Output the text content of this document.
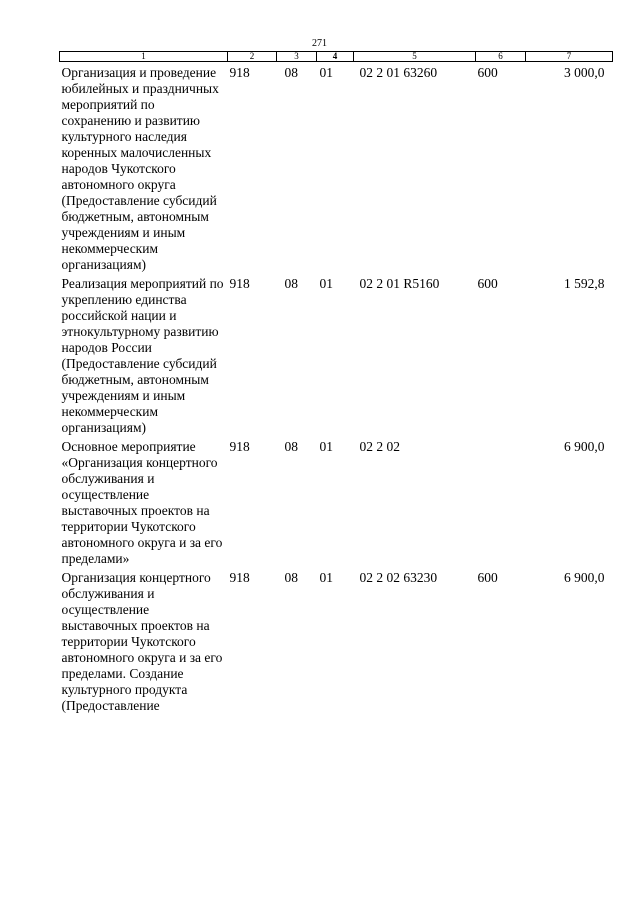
271
1	2	3	4	5	6	7
Организация и проведение юбилейных и праздничных мероприятий по сохранению и развитию культурного наследия коренных малочисленных народов Чукотского автономного округа (Предоставление субсидий бюджетным, автономным учреждениям и иным некоммерческим организациям)	918	08	01	02 2 01 63260	600	3 000,0
Реализация мероприятий по укреплению единства российской нации и этнокультурному развитию народов России (Предоставление субсидий бюджетным, автономным учреждениям и иным некоммерческим организациям)	918	08	01	02 2 01 R5160	600	1 592,8
Основное мероприятие «Организация концертного обслуживания и осуществление выставочных проектов на территории Чукотского автономного округа и за его пределами»	918	08	01	02 2 02		6 900,0
Организация концертного обслуживания и осуществление выставочных проектов на территории Чукотского автономного округа и за его пределами. Создание культурного продукта (Предоставление	918	08	01	02 2 02 63230	600	6 900,0
